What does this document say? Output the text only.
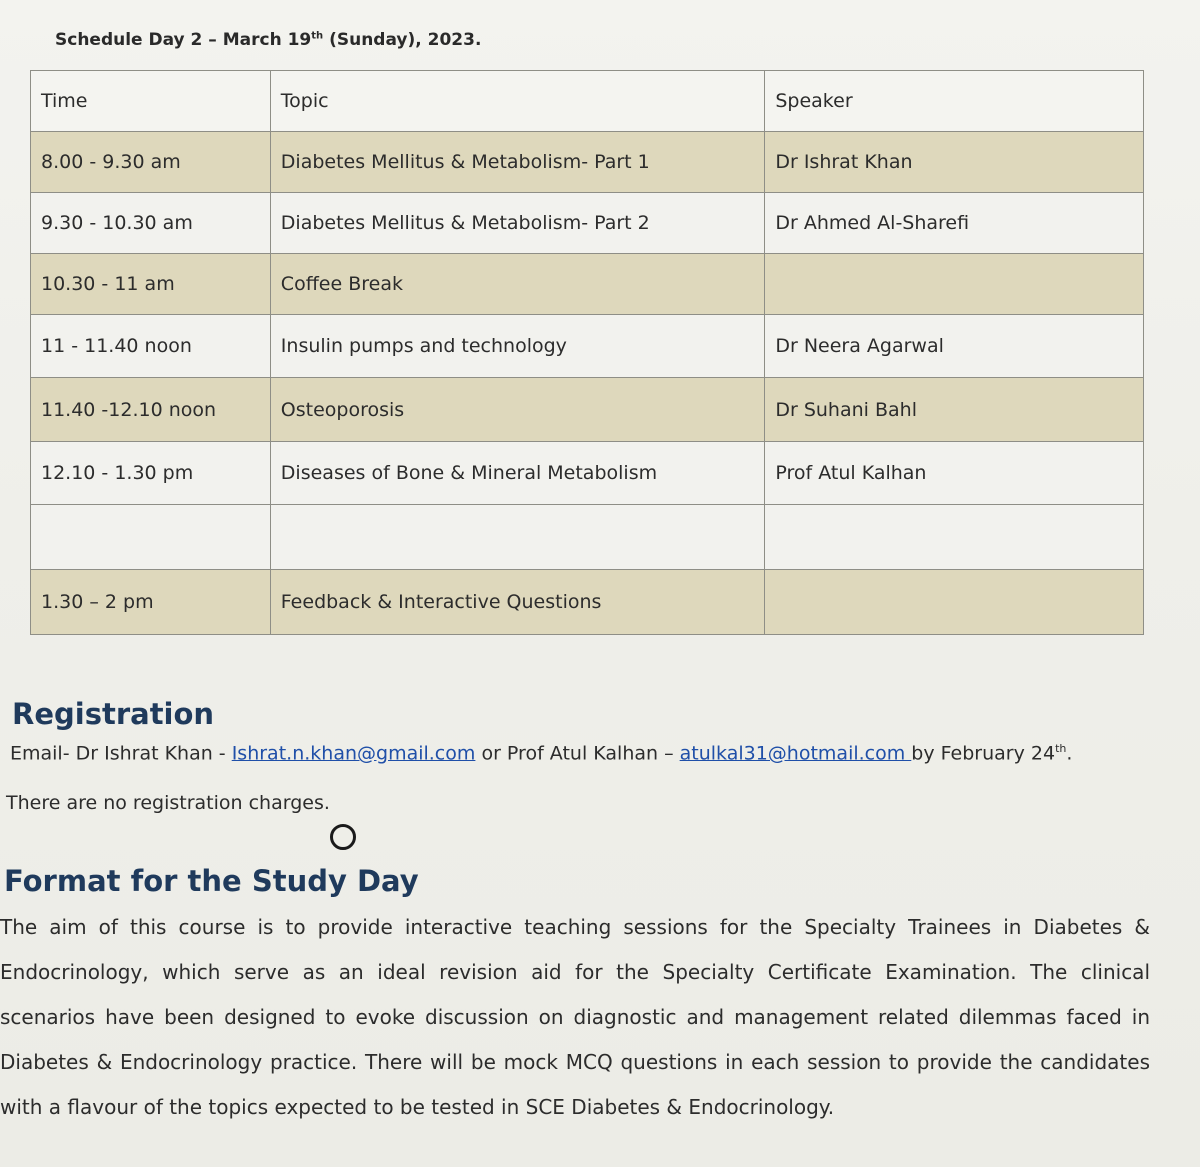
Schedule Day 2 – March 19th (Sunday), 2023.
Time	Topic	Speaker
8.00 - 9.30 am	Diabetes Mellitus & Metabolism- Part 1	Dr Ishrat Khan
9.30 - 10.30 am	Diabetes Mellitus & Metabolism- Part 2	Dr Ahmed Al-Sharefi
10.30 - 11 am	Coffee Break	
11 - 11.40 noon	Insulin pumps and technology	Dr Neera Agarwal
11.40 -12.10 noon	Osteoporosis	Dr Suhani Bahl
12.10 - 1.30 pm	Diseases of Bone & Mineral Metabolism	Prof Atul Kalhan

1.30 – 2 pm	Feedback & Interactive Questions	
Registration
Email- Dr Ishrat Khan - Ishrat.n.khan@gmail.com or Prof Atul Kalhan – atulkal31@hotmail.com by February 24th.
There are no registration charges.
Format for the Study Day

The aim of this course is to provide interactive teaching sessions for the Specialty Trainees in Diabetes & Endocrinology, which serve as an ideal revision aid for the Specialty Certificate Examination. The clinical scenarios have been designed to evoke discussion on diagnostic and management related dilemmas faced in Diabetes & Endocrinology practice. There will be mock MCQ questions in each session to provide the candidates with a flavour of the topics expected to be tested in SCE Diabetes & Endocrinology.
